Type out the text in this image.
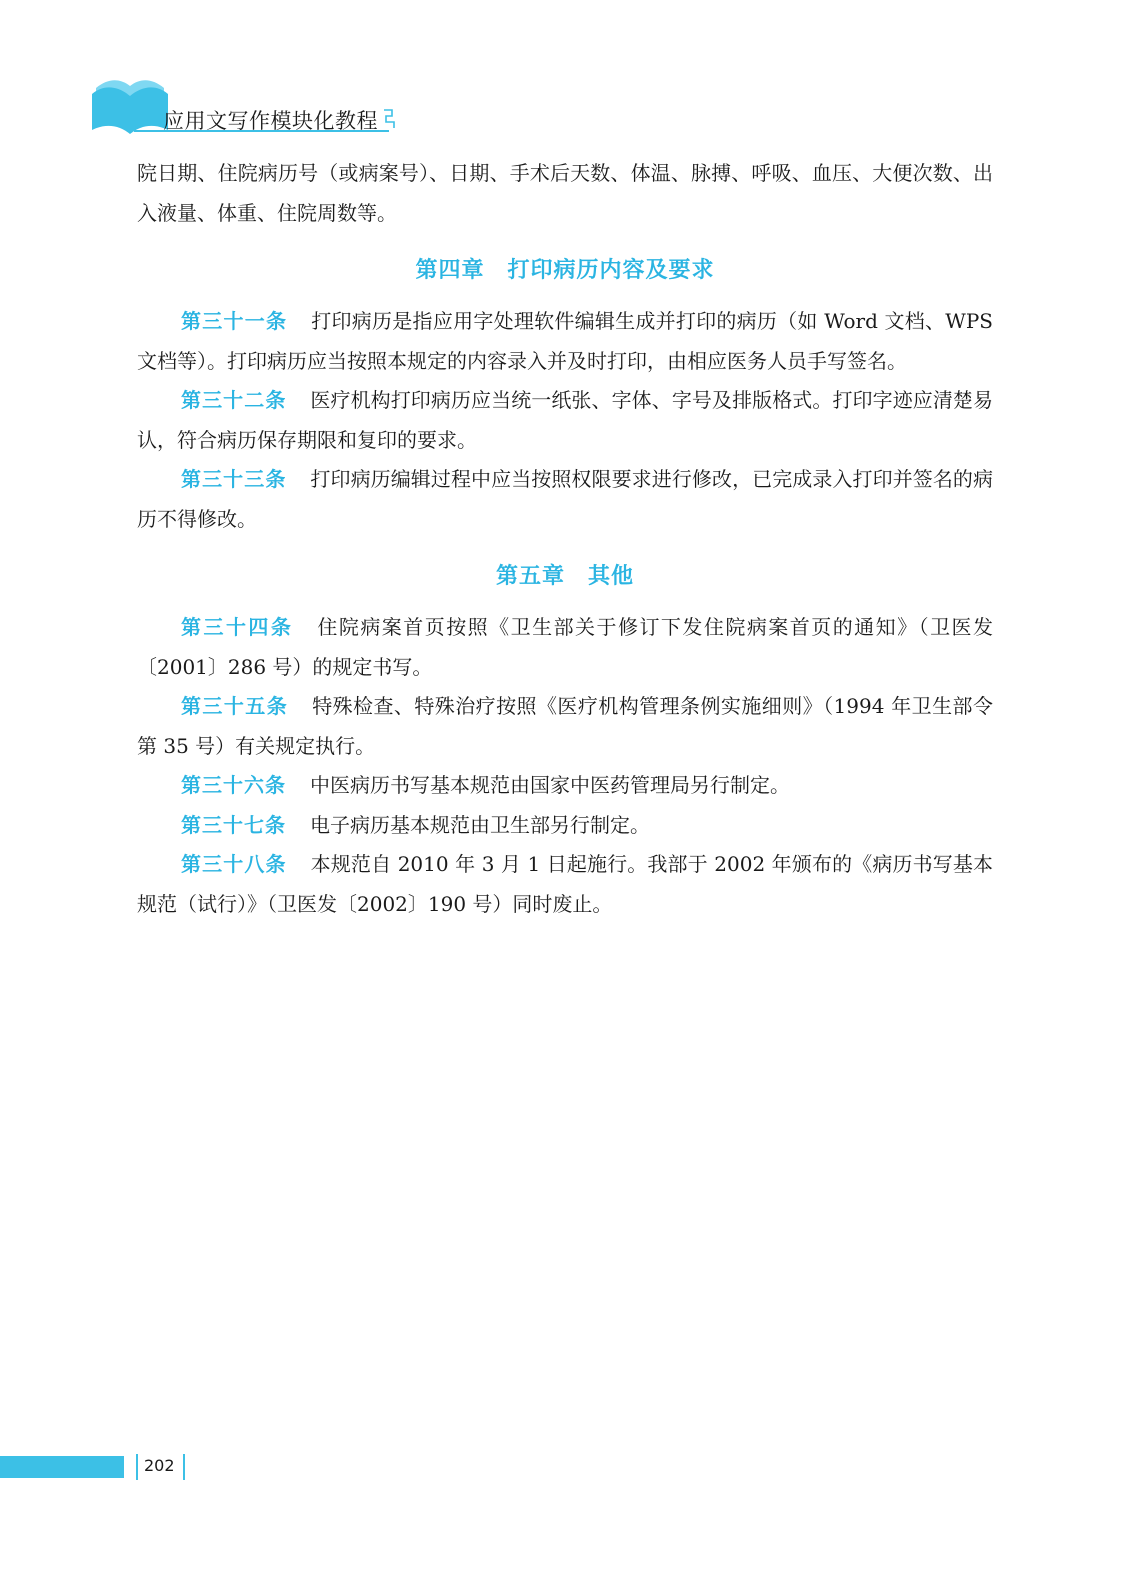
应用文写作模块化教程

院日期、住院病历号（或病案号）、日期、手术后天数、体温、脉搏、呼吸、血压、大便次数、出入液量、体重、住院周数等。

第四章　打印病历内容及要求

第三十一条 打印病历是指应用字处理软件编辑生成并打印的病历（如 Word 文档、WPS 文档等）。打印病历应当按照本规定的内容录入并及时打印，由相应医务人员手写签名。

第三十二条 医疗机构打印病历应当统一纸张、字体、字号及排版格式。打印字迹应清楚易认，符合病历保存期限和复印的要求。

第三十三条 打印病历编辑过程中应当按照权限要求进行修改，已完成录入打印并签名的病历不得修改。

第五章　其他

第三十四条 住院病案首页按照《卫生部关于修订下发住院病案首页的通知》（卫医发〔2001〕286 号）的规定书写。

第三十五条 特殊检查、特殊治疗按照《医疗机构管理条例实施细则》（1994 年卫生部令第 35 号）有关规定执行。

第三十六条 中医病历书写基本规范由国家中医药管理局另行制定。

第三十七条 电子病历基本规范由卫生部另行制定。

第三十八条 本规范自 2010 年 3 月 1 日起施行。我部于 2002 年颁布的《病历书写基本规范（试行）》（卫医发〔2002〕190 号）同时废止。

202
